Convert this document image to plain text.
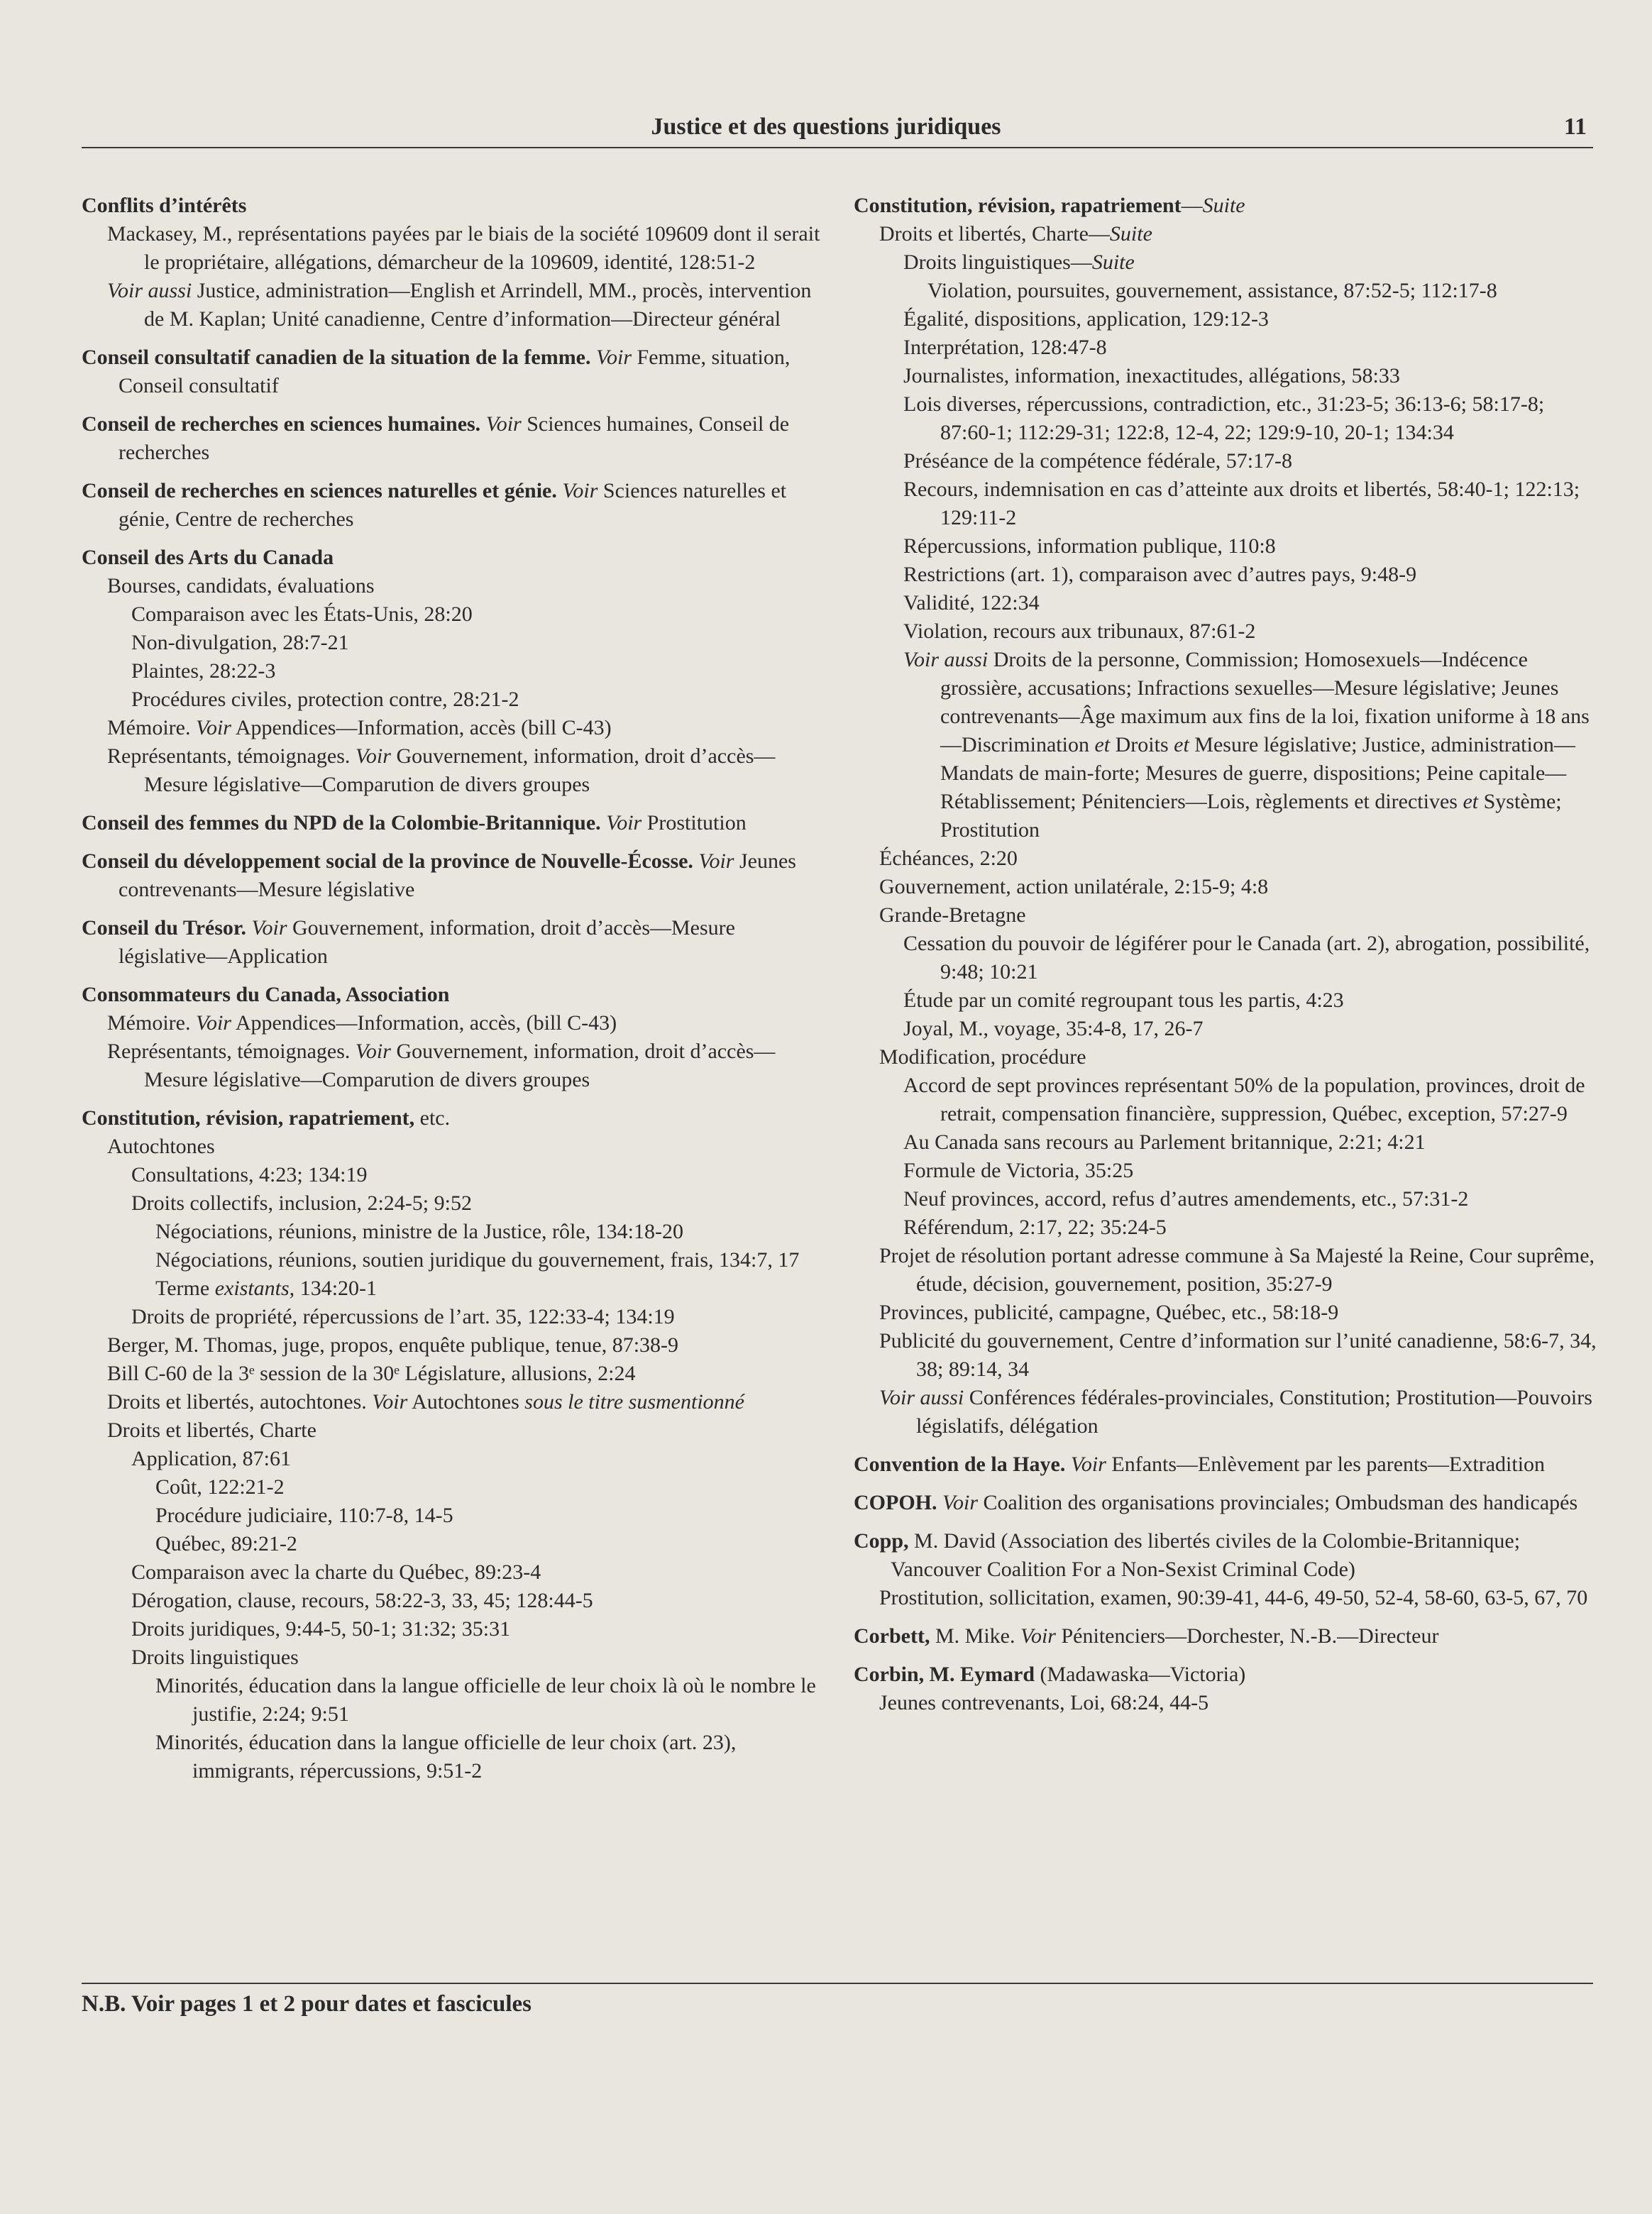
Justice et des questions juridiques	11
Conflits d’intérêts
Mackasey, M., représentations payées par le biais de la société 109609 dont il serait le propriétaire, allégations, démarcheur de la 109609, identité, 128:51-2
Voir aussi Justice, administration—English et Arrindell, MM., procès, intervention de M. Kaplan; Unité canadienne, Centre d’information—Directeur général
Conseil consultatif canadien de la situation de la femme. Voir Femme, situation, Conseil consultatif
Conseil de recherches en sciences humaines. Voir Sciences humaines, Conseil de recherches
Conseil de recherches en sciences naturelles et génie. Voir Sciences naturelles et génie, Centre de recherches
Conseil des Arts du Canada
Bourses, candidats, évaluations
Comparaison avec les États-Unis, 28:20
Non-divulgation, 28:7-21
Plaintes, 28:22-3
Procédures civiles, protection contre, 28:21-2
Mémoire. Voir Appendices—Information, accès (bill C-43)
Représentants, témoignages. Voir Gouvernement, information, droit d’accès—Mesure législative—Comparution de divers groupes
Conseil des femmes du NPD de la Colombie-Britannique. Voir Prostitution
Conseil du développement social de la province de Nouvelle-Écosse. Voir Jeunes contrevenants—Mesure législative
Conseil du Trésor. Voir Gouvernement, information, droit d’accès—Mesure législative—Application
Consommateurs du Canada, Association
Mémoire. Voir Appendices—Information, accès, (bill C-43)
Représentants, témoignages. Voir Gouvernement, information, droit d’accès—Mesure législative—Comparution de divers groupes
Constitution, révision, rapatriement, etc.
Autochtones
Consultations, 4:23; 134:19
Droits collectifs, inclusion, 2:24-5; 9:52
Négociations, réunions, ministre de la Justice, rôle, 134:18-20
Négociations, réunions, soutien juridique du gouvernement, frais, 134:7, 17
Terme existants, 134:20-1
Droits de propriété, répercussions de l’art. 35, 122:33-4; 134:19
Berger, M. Thomas, juge, propos, enquête publique, tenue, 87:38-9
Bill C-60 de la 3ᵉ session de la 30ᵉ Législature, allusions, 2:24
Droits et libertés, autochtones. Voir Autochtones sous le titre susmentionné
Droits et libertés, Charte
Application, 87:61
Coût, 122:21-2
Procédure judiciaire, 110:7-8, 14-5
Québec, 89:21-2
Comparaison avec la charte du Québec, 89:23-4
Dérogation, clause, recours, 58:22-3, 33, 45; 128:44-5
Droits juridiques, 9:44-5, 50-1; 31:32; 35:31
Droits linguistiques
Minorités, éducation dans la langue officielle de leur choix là où le nombre le justifie, 2:24; 9:51
Minorités, éducation dans la langue officielle de leur choix (art. 23), immigrants, répercussions, 9:51-2
Constitution, révision, rapatriement—Suite
Droits et libertés, Charte—Suite
Droits linguistiques—Suite
Violation, poursuites, gouvernement, assistance, 87:52-5; 112:17-8
Égalité, dispositions, application, 129:12-3
Interprétation, 128:47-8
Journalistes, information, inexactitudes, allégations, 58:33
Lois diverses, répercussions, contradiction, etc., 31:23-5; 36:13-6; 58:17-8; 87:60-1; 112:29-31; 122:8, 12-4, 22; 129:9-10, 20-1; 134:34
Préséance de la compétence fédérale, 57:17-8
Recours, indemnisation en cas d’atteinte aux droits et libertés, 58:40-1; 122:13; 129:11-2
Répercussions, information publique, 110:8
Restrictions (art. 1), comparaison avec d’autres pays, 9:48-9
Validité, 122:34
Violation, recours aux tribunaux, 87:61-2
Voir aussi Droits de la personne, Commission; Homosexuels—Indécence grossière, accusations; Infractions sexuelles—Mesure législative; Jeunes contrevenants—Âge maximum aux fins de la loi, fixation uniforme à 18 ans—Discrimination et Droits et Mesure législative; Justice, administration—Mandats de main-forte; Mesures de guerre, dispositions; Peine capitale—Rétablissement; Pénitenciers—Lois, règlements et directives et Système; Prostitution
Échéances, 2:20
Gouvernement, action unilatérale, 2:15-9; 4:8
Grande-Bretagne
Cessation du pouvoir de légiférer pour le Canada (art. 2), abrogation, possibilité, 9:48; 10:21
Étude par un comité regroupant tous les partis, 4:23
Joyal, M., voyage, 35:4-8, 17, 26-7
Modification, procédure
Accord de sept provinces représentant 50% de la population, provinces, droit de retrait, compensation financière, suppression, Québec, exception, 57:27-9
Au Canada sans recours au Parlement britannique, 2:21; 4:21
Formule de Victoria, 35:25
Neuf provinces, accord, refus d’autres amendements, etc., 57:31-2
Référendum, 2:17, 22; 35:24-5
Projet de résolution portant adresse commune à Sa Majesté la Reine, Cour suprême, étude, décision, gouvernement, position, 35:27-9
Provinces, publicité, campagne, Québec, etc., 58:18-9
Publicité du gouvernement, Centre d’information sur l’unité canadienne, 58:6-7, 34, 38; 89:14, 34
Voir aussi Conférences fédérales-provinciales, Constitution; Prostitution—Pouvoirs législatifs, délégation
Convention de la Haye. Voir Enfants—Enlèvement par les parents—Extradition
COPOH. Voir Coalition des organisations provinciales; Ombudsman des handicapés
Copp, M. David (Association des libertés civiles de la Colombie-Britannique; Vancouver Coalition For a Non-Sexist Criminal Code)
Prostitution, sollicitation, examen, 90:39-41, 44-6, 49-50, 52-4, 58-60, 63-5, 67, 70
Corbett, M. Mike. Voir Pénitenciers—Dorchester, N.-B.—Directeur
Corbin, M. Eymard (Madawaska—Victoria)
Jeunes contrevenants, Loi, 68:24, 44-5
N.B. Voir pages 1 et 2 pour dates et fascicules
